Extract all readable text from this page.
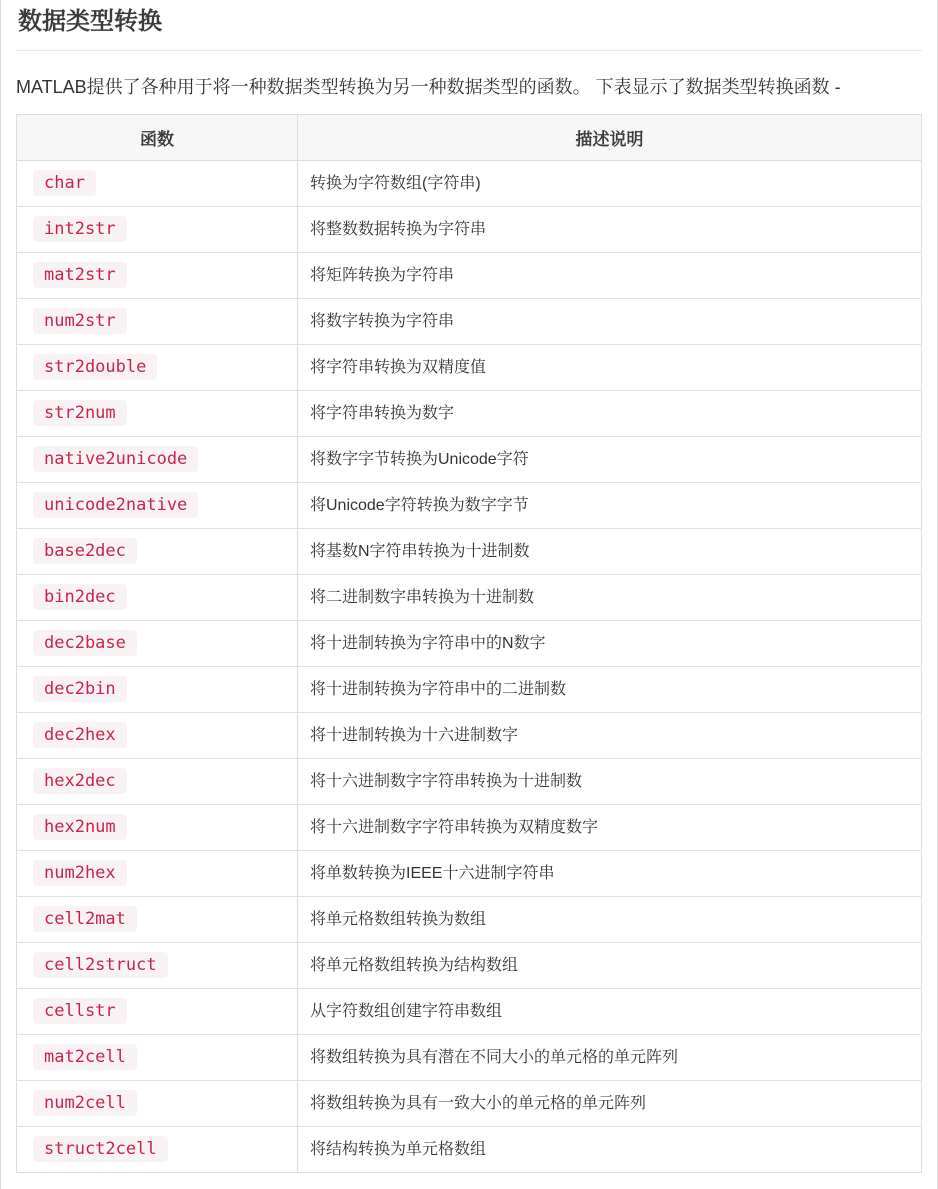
数据类型转换

MATLAB提供了各种用于将一种数据类型转换为另一种数据类型的函数。 下表显示了数据类型转换函数 -

函数	描述说明
char	转换为字符数组(字符串)
int2str	将整数数据转换为字符串
mat2str	将矩阵转换为字符串
num2str	将数字转换为字符串
str2double	将字符串转换为双精度值
str2num	将字符串转换为数字
native2unicode	将数字字节转换为Unicode字符
unicode2native	将Unicode字符转换为数字字节
base2dec	将基数N字符串转换为十进制数
bin2dec	将二进制数字串转换为十进制数
dec2base	将十进制转换为字符串中的N数字
dec2bin	将十进制转换为字符串中的二进制数
dec2hex	将十进制转换为十六进制数字
hex2dec	将十六进制数字字符串转换为十进制数
hex2num	将十六进制数字字符串转换为双精度数字
num2hex	将单数转换为IEEE十六进制字符串
cell2mat	将单元格数组转换为数组
cell2struct	将单元格数组转换为结构数组
cellstr	从字符数组创建字符串数组
mat2cell	将数组转换为具有潜在不同大小的单元格的单元阵列
num2cell	将数组转换为具有一致大小的单元格的单元阵列
struct2cell	将结构转换为单元格数组
